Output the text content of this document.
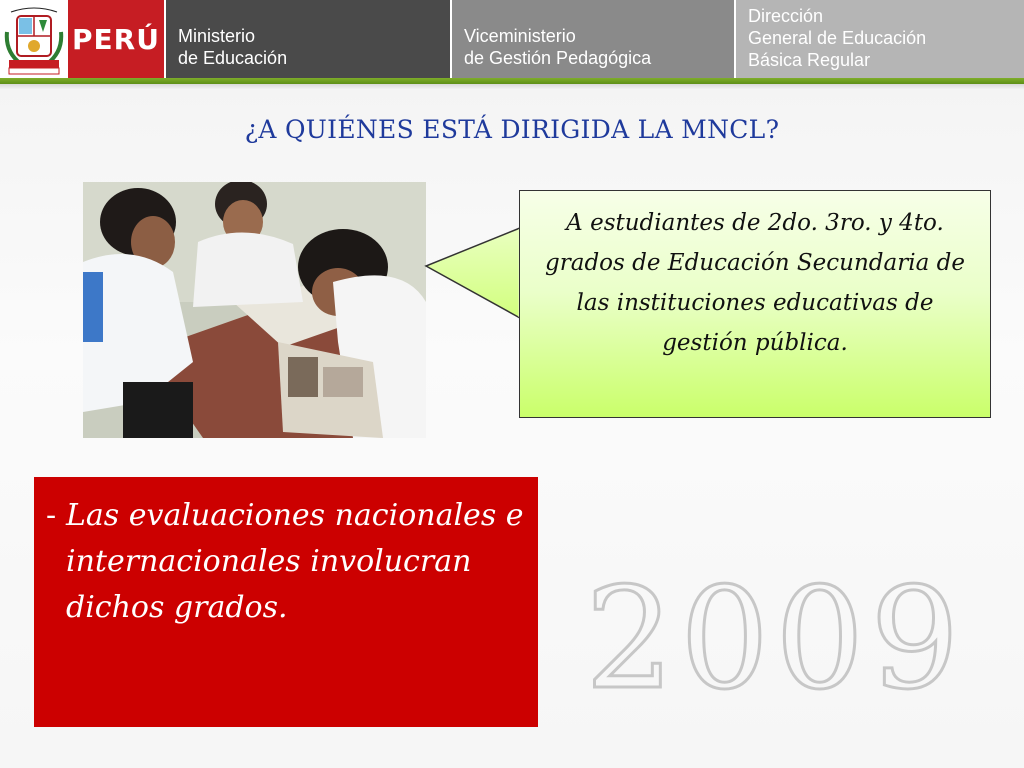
PERÚ Ministerio
de Educación
Viceministerio
de Gestión Pedagógica
Dirección
General de Educación
Básica Regular
¿A QUIÉNES ESTÁ DIRIGIDA LA MNCL?
A estudiantes de 2do. 3ro. y 4to. grados de Educación Secundaria de las instituciones educativas de gestión pública.
- Las evaluaciones nacionales e internacionales involucran dichos grados.	2009
